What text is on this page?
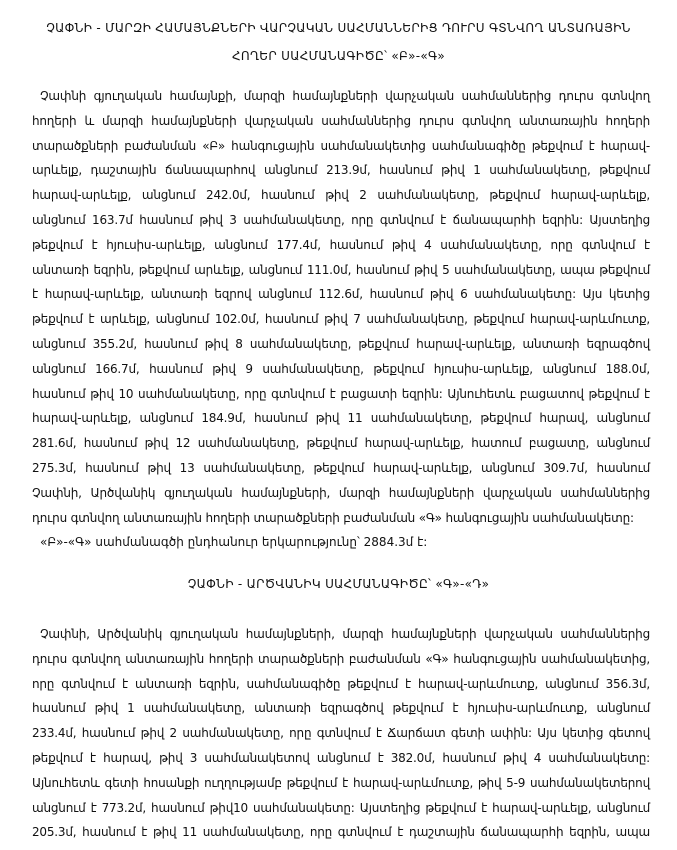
ՉԱՓՆԻ - ՄԱՐԶԻ ՀԱՄԱՅՆՔՆԵՐԻ ՎԱՐՉԱԿԱՆ ՍԱՀՄԱՆՆԵՐԻՑ ԴՈՒՐՍ ԳՏՆՎՈՂ ԱՆՏԱՌԱՅԻՆ
ՀՈՂԵՐ ՍԱՀՄԱՆԱԳԻԾԸ՝ «Բ»-«Գ»
Չափնի գյուղական համայնքի, մարզի համայնքների վարչական սահմաններից դուրս գտնվող
հողերի և մարզի համայնքների վարչական սահմաններից դուրս գտնվող անտառային հողերի
տարածքների բաժանման «Բ» հանգուցային սահմանակետից սահմանագիծը թեքվում է հարավ-
արևելք, դաշտային ճանապարհով անցնում 213.9մ, հասնում թիվ 1 սահմանակետը, թեքվում
հարավ-արևելք, անցնում 242.0մ, հասնում թիվ 2 սահմանակետը, թեքվում հարավ-արևելք,
անցնում 163.7մ հասնում թիվ 3 սահմանակետը, որը գտնվում է ճանապարհի եզրին: Այստեղից
թեքվում է հյուսիս-արևելք, անցնում 177.4մ, հասնում թիվ 4 սահմանակետը, որը գտնվում է
անտառի եզրին, թեքվում արևելք, անցնում 111.0մ, հասնում թիվ 5 սահմանակետը, ապա թեքվում
է հարավ-արևելք, անտառի եզրով անցնում 112.6մ, հասնում թիվ 6 սահմանակետը: Այս կետից
թեքվում է արևելք, անցնում 102.0մ, հասնում թիվ 7 սահմանակետը, թեքվում հարավ-արևմուտք,
անցնում 355.2մ, հասնում թիվ 8 սահմանակետը, թեքվում հարավ-արևելք, անտառի եզրագծով
անցնում 166.7մ, հասնում թիվ 9 սահմանակետը, թեքվում հյուսիս-արևելք, անցնում 188.0մ,
հասնում թիվ 10 սահմանակետը, որը գտնվում է բացատի եզրին: Այնուհետև բացատով թեքվում է
հարավ-արևելք, անցնում 184.9մ, հասնում թիվ 11 սահմանակետը, թեքվում հարավ, անցնում
281.6մ, հասնում թիվ 12 սահմանակետը, թեքվում հարավ-արևելք, հատում բացատը, անցնում
275.3մ, հասնում թիվ 13 սահմանակետը, թեքվում հարավ-արևելք, անցնում 309.7մ, հասնում
Չափնի, Արծվանիկ գյուղական համայնքների, մարզի համայնքների վարչական սահմաններից
դուրս գտնվող անտառային հողերի տարածքների բաժանման «Գ» հանգուցային սահմանակետը:
«Բ»-«Գ» սահմանագծի ընդհանուր երկարությունը՝ 2884.3մ է:
ՉԱՓՆԻ - ԱՐԾՎԱՆԻԿ ՍԱՀՄԱՆԱԳԻԾԸ՝ «Գ»-«Դ»
Չափնի, Արծվանիկ գյուղական համայնքների, մարզի համայնքների վարչական սահմաններից
դուրս գտնվող անտառային հողերի տարածքների բաժանման «Գ» հանգուցային սահմանակետից,
որը գտնվում է անտառի եզրին, սահմանագիծը թեքվում է հարավ-արևմուտք, անցնում 356.3մ,
հասնում թիվ 1 սահմանակետը, անտառի եզրագծով թեքվում է հյուսիս-արևմուտք, անցնում
233.4մ, հասնում թիվ 2 սահմանակետը, որը գտնվում է Ճարճատ գետի ափին: Այս կետից գետով
թեքվում է հարավ, թիվ 3 սահմանակետով անցնում է 382.0մ, հասնում թիվ 4 սահմանակետը:
Այնուհետև գետի հոսանքի ուղղությամբ թեքվում է հարավ-արևմուտք, թիվ 5-9 սահմանակետերով
անցնում է 773.2մ, հասնում թիվ10 սահմանակետը: Այստեղից թեքվում է հարավ-արևելք, անցնում
205.3մ, հասնում է թիվ 11 սահմանակետը, որը գտնվում է դաշտային ճանապարհի եզրին, ապա
